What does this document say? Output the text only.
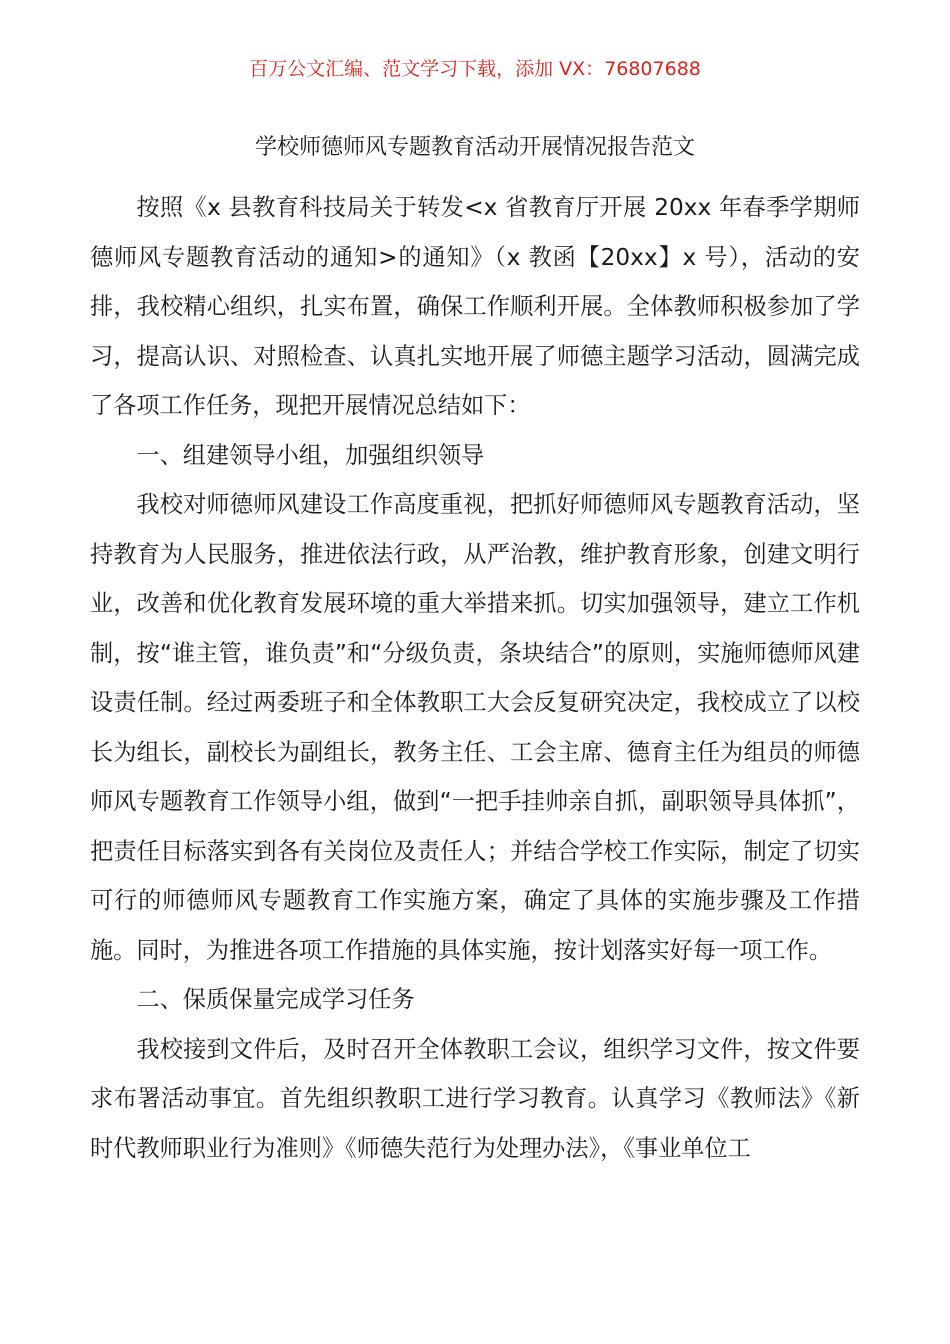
百万公文汇编、范文学习下载，添加 VX：76807688
学校师德师风专题教育活动开展情况报告范文

按照《x 县教育科技局关于转发<x 省教育厅开展 20xx 年春季学期师德师风专题教育活动的通知>的通知》（x 教函【20xx】x 号），活动的安排，我校精心组织，扎实布置，确保工作顺利开展。全体教师积极参加了学习，提高认识、对照检查、认真扎实地开展了师德主题学习活动，圆满完成了各项工作任务，现把开展情况总结如下：

一、组建领导小组，加强组织领导

我校对师德师风建设工作高度重视，把抓好师德师风专题教育活动，坚持教育为人民服务，推进依法行政，从严治教，维护教育形象，创建文明行业，改善和优化教育发展环境的重大举措来抓。切实加强领导，建立工作机制，按“谁主管，谁负责”和“分级负责，条块结合”的原则，实施师德师风建设责任制。经过两委班子和全体教职工大会反复研究决定，我校成立了以校长为组长，副校长为副组长，教务主任、工会主席、德育主任为组员的师德师风专题教育工作领导小组，做到“一把手挂帅亲自抓，副职领导具体抓”，把责任目标落实到各有关岗位及责任人；并结合学校工作实际，制定了切实可行的师德师风专题教育工作实施方案，确定了具体的实施步骤及工作措施。同时，为推进各项工作措施的具体实施，按计划落实好每一项工作。

二、保质保量完成学习任务

我校接到文件后，及时召开全体教职工会议，组织学习文件，按文件要求布署活动事宜。首先组织教职工进行学习教育。认真学习《教师法》《新时代教师职业行为准则》《师德失范行为处理办法》，《事业单位工
